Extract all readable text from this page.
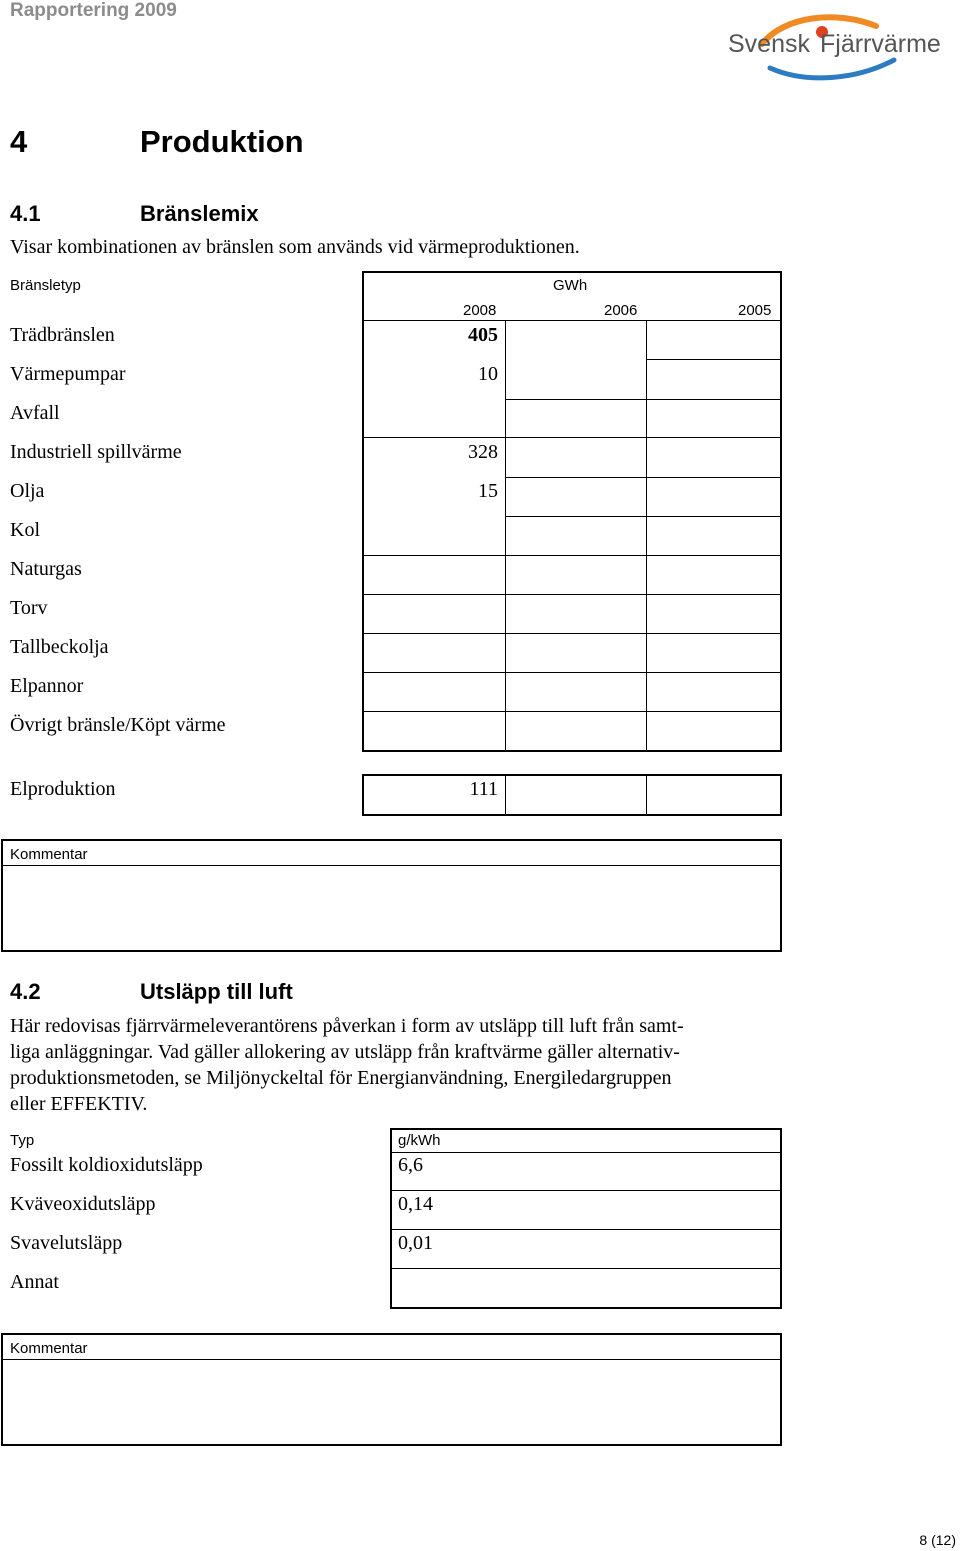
Rapportering 2009
Svensk Fjärrvärme
4	Produktion
4.1	Bränslemix
Visar kombinationen av bränslen som används vid värmeproduktionen.
Bränsletyp	GWh
2008	2006	2005
Trädbränslen	405
Värmepumpar	10
Avfall
Industriell spillvärme	328
Olja	15
Kol
Naturgas
Torv
Tallbeckolja
Elpannor
Övrigt bränsle/Köpt värme
Elproduktion	111
Kommentar
4.2	Utsläpp till luft
Här redovisas fjärrvärmeleverantörens påverkan i form av utsläpp till luft från samt-
liga anläggningar. Vad gäller allokering av utsläpp från kraftvärme gäller alternativ-
produktionsmetoden, se Miljönyckeltal för Energianvändning, Energiledargruppen
eller EFFEKTIV.
Typ	g/kWh
Fossilt koldioxidutsläpp	6,6
Kväveoxidutsläpp	0,14
Svavelutsläpp	0,01
Annat
Kommentar
8 (12)
